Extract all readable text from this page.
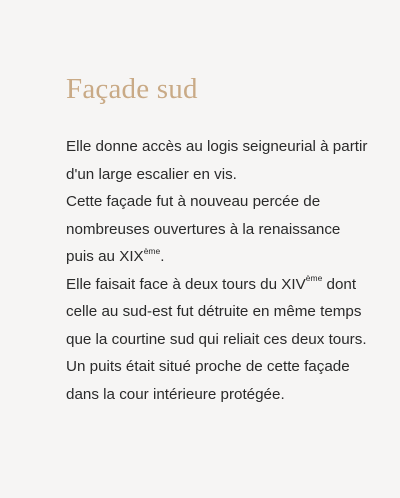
Façade sud

Elle donne accès au logis seigneurial à partir d'un large escalier en vis.

Cette façade fut à nouveau percée de nombreuses ouvertures à la renaissance puis au XIXème.

Elle faisait face à deux tours du XIVème dont celle au sud-est fut détruite en même temps que la courtine sud qui reliait ces deux tours. Un puits était situé proche de cette façade dans la cour intérieure protégée.
